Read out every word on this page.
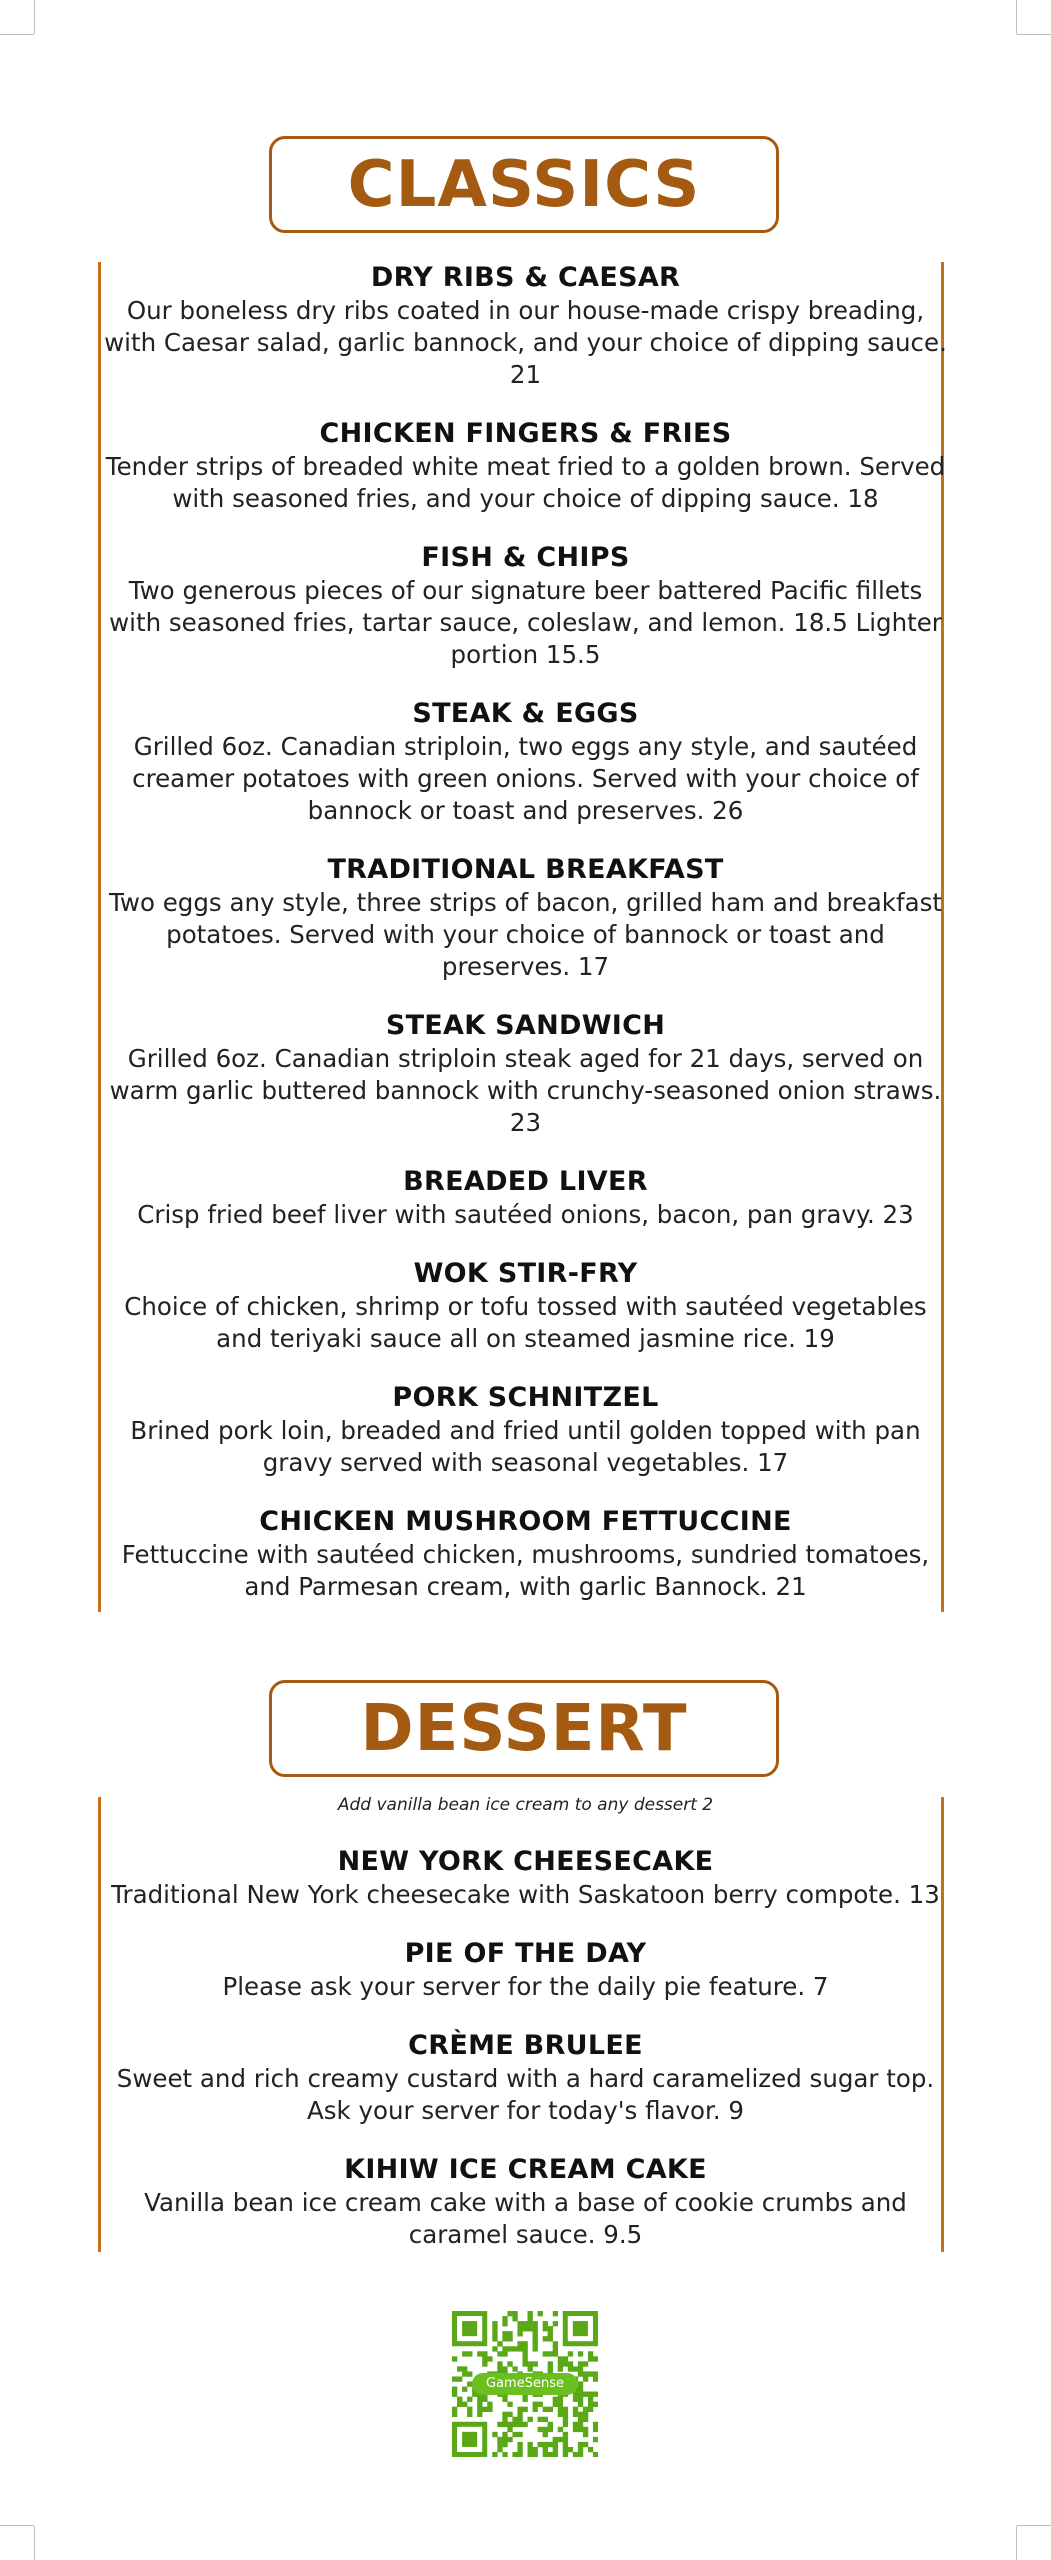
CLASSICS
DRY RIBS & CAESAR
Our boneless dry ribs coated in our house-made crispy breading, with Caesar salad, garlic bannock, and your choice of dipping sauce. 21
CHICKEN FINGERS & FRIES
Tender strips of breaded white meat fried to a golden brown. Served with seasoned fries, and your choice of dipping sauce. 18
FISH & CHIPS
Two generous pieces of our signature beer battered Pacific fillets with seasoned fries, tartar sauce, coleslaw, and lemon. 18.5 Lighter portion 15.5
STEAK & EGGS
Grilled 6oz. Canadian striploin, two eggs any style, and sautéed creamer potatoes with green onions. Served with your choice of bannock or toast and preserves. 26
TRADITIONAL BREAKFAST
Two eggs any style, three strips of bacon, grilled ham and breakfast potatoes. Served with your choice of bannock or toast and preserves. 17
STEAK SANDWICH
Grilled 6oz. Canadian striploin steak aged for 21 days, served on warm garlic buttered bannock with crunchy-seasoned onion straws. 23
BREADED LIVER
Crisp fried beef liver with sautéed onions, bacon, pan gravy. 23
WOK STIR-FRY
Choice of chicken, shrimp or tofu tossed with sautéed vegetables and teriyaki sauce all on steamed jasmine rice. 19
PORK SCHNITZEL
Brined pork loin, breaded and fried until golden topped with pan gravy served with seasonal vegetables. 17
CHICKEN MUSHROOM FETTUCCINE
Fettuccine with sautéed chicken, mushrooms, sundried tomatoes, and Parmesan cream, with garlic Bannock. 21
DESSERT
Add vanilla bean ice cream to any dessert 2
NEW YORK CHEESECAKE
Traditional New York cheesecake with Saskatoon berry compote. 13
PIE OF THE DAY
Please ask your server for the daily pie feature. 7
CRÈME BRULEE
Sweet and rich creamy custard with a hard caramelized sugar top. Ask your server for today's flavor. 9
KIHIW ICE CREAM CAKE
Vanilla bean ice cream cake with a base of cookie crumbs and caramel sauce. 9.5
GameSense
